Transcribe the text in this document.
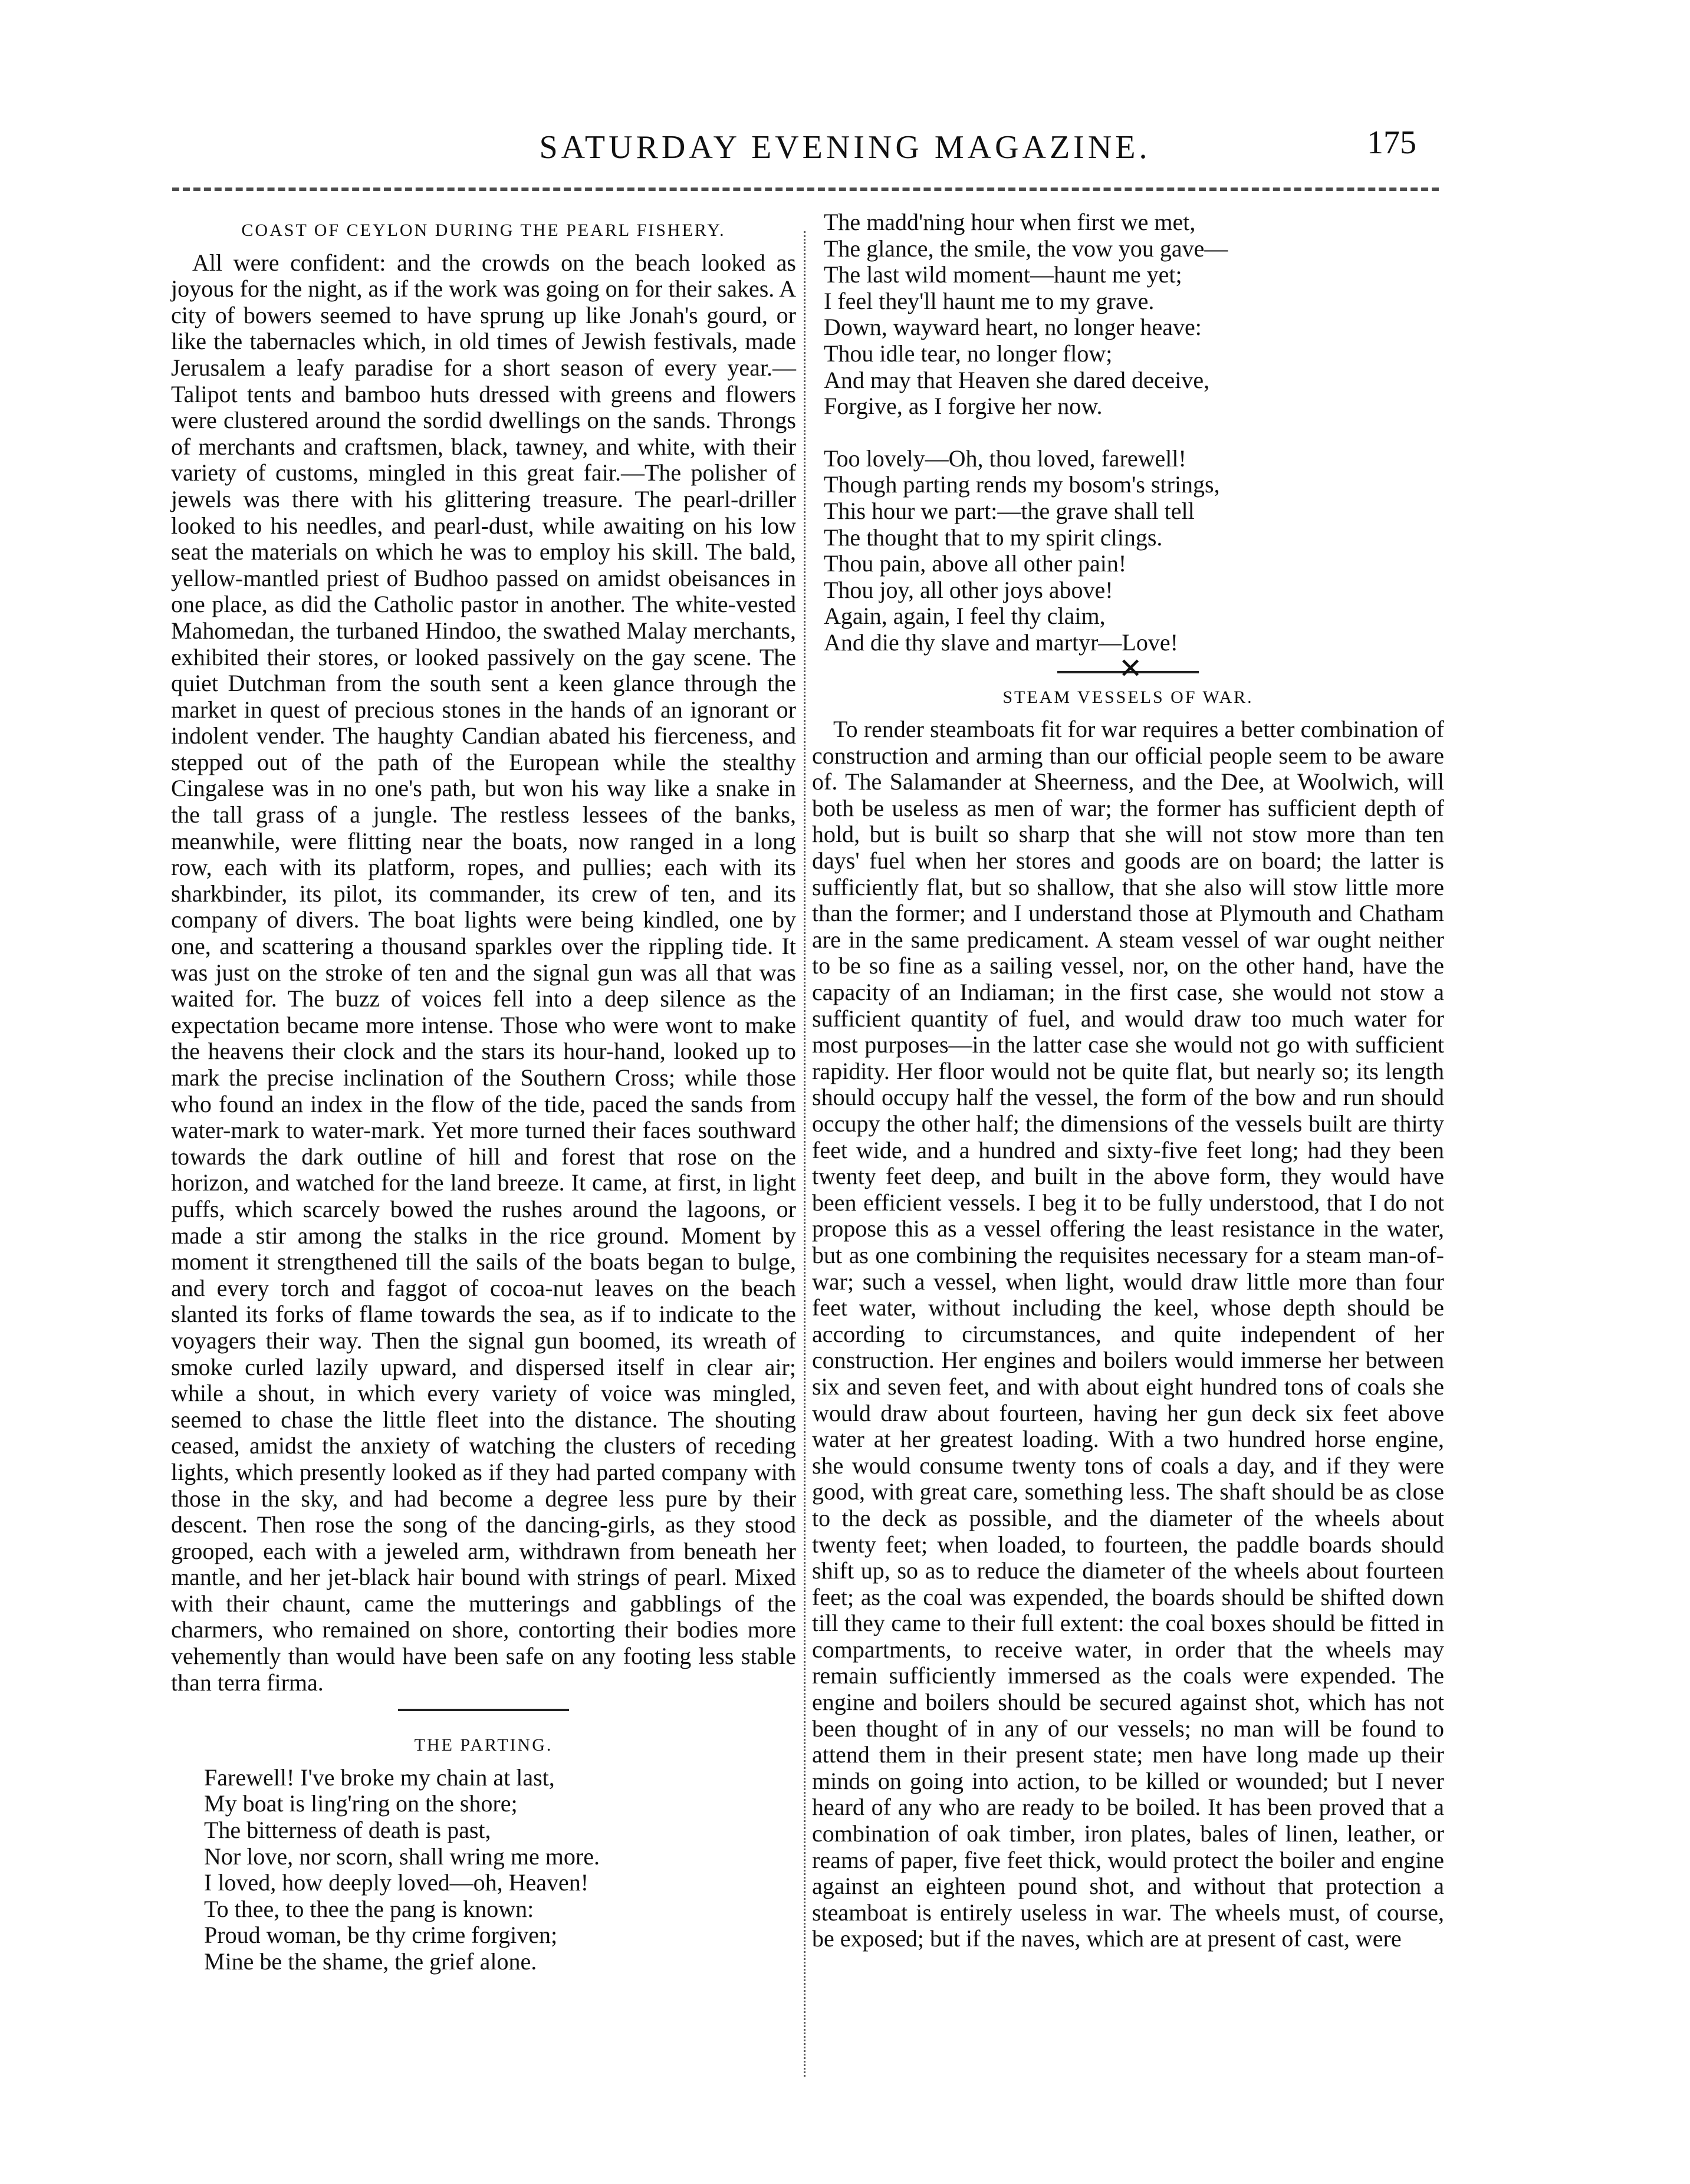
SATURDAY EVENING MAGAZINE.	175
COAST OF CEYLON DURING THE PEARL FISHERY.

All were confident: and the crowds on the beach looked as joyous for the night, as if the work was going on for their sakes. A city of bowers seemed to have sprung up like Jonah's gourd, or like the tabernacles which, in old times of Jewish festivals, made Jerusalem a leafy paradise for a short season of every year.—Talipot tents and bamboo huts dressed with greens and flowers were clustered around the sordid dwellings on the sands. Throngs of merchants and craftsmen, black, tawney, and white, with their variety of customs, mingled in this great fair.—The polisher of jewels was there with his glittering treasure. The pearl-driller looked to his needles, and pearl-dust, while awaiting on his low seat the materials on which he was to employ his skill. The bald, yellow-mantled priest of Budhoo passed on amidst obeisances in one place, as did the Catholic pastor in another. The white-vested Mahomedan, the turbaned Hindoo, the swathed Malay merchants, exhibited their stores, or looked passively on the gay scene. The quiet Dutchman from the south sent a keen glance through the market in quest of precious stones in the hands of an ignorant or indolent vender. The haughty Candian abated his fierceness, and stepped out of the path of the European while the stealthy Cingalese was in no one's path, but won his way like a snake in the tall grass of a jungle. The restless lessees of the banks, meanwhile, were flitting near the boats, now ranged in a long row, each with its platform, ropes, and pullies; each with its sharkbinder, its pilot, its commander, its crew of ten, and its company of divers. The boat lights were being kindled, one by one, and scattering a thousand sparkles over the rippling tide. It was just on the stroke of ten and the signal gun was all that was waited for. The buzz of voices fell into a deep silence as the expectation became more intense. Those who were wont to make the heavens their clock and the stars its hour-hand, looked up to mark the precise inclination of the Southern Cross; while those who found an index in the flow of the tide, paced the sands from water-mark to water-mark. Yet more turned their faces southward towards the dark outline of hill and forest that rose on the horizon, and watched for the land breeze. It came, at first, in light puffs, which scarcely bowed the rushes around the lagoons, or made a stir among the stalks in the rice ground. Moment by moment it strengthened till the sails of the boats began to bulge, and every torch and faggot of cocoa-nut leaves on the beach slanted its forks of flame towards the sea, as if to indicate to the voyagers their way. Then the signal gun boomed, its wreath of smoke curled lazily upward, and dispersed itself in clear air; while a shout, in which every variety of voice was mingled, seemed to chase the little fleet into the distance. The shouting ceased, amidst the anxiety of watching the clusters of receding lights, which presently looked as if they had parted company with those in the sky, and had become a degree less pure by their descent. Then rose the song of the dancing-girls, as they stood grooped, each with a jeweled arm, withdrawn from beneath her mantle, and her jet-black hair bound with strings of pearl. Mixed with their chaunt, came the mutterings and gabblings of the charmers, who remained on shore, contorting their bodies more vehemently than would have been safe on any footing less stable than terra firma.

THE PARTING.
Farewell! I've broke my chain at last,
My boat is ling'ring on the shore;
The bitterness of death is past,
Nor love, nor scorn, shall wring me more.
I loved, how deeply loved—oh, Heaven!
To thee, to thee the pang is known:
Proud woman, be thy crime forgiven;
Mine be the shame, the grief alone.
The madd'ning hour when first we met,
The glance, the smile, the vow you gave—
The last wild moment—haunt me yet;
I feel they'll haunt me to my grave.
Down, wayward heart, no longer heave:
Thou idle tear, no longer flow;
And may that Heaven she dared deceive,
Forgive, as I forgive her now.
Too lovely—Oh, thou loved, farewell!
Though parting rends my bosom's strings,
This hour we part:—the grave shall tell
The thought that to my spirit clings.
Thou pain, above all other pain!
Thou joy, all other joys above!
Again, again, I feel thy claim,
And die thy slave and martyr—Love!
✕
STEAM VESSELS OF WAR.

To render steamboats fit for war requires a better combination of construction and arming than our official people seem to be aware of. The Salamander at Sheerness, and the Dee, at Woolwich, will both be useless as men of war; the former has sufficient depth of hold, but is built so sharp that she will not stow more than ten days' fuel when her stores and goods are on board; the latter is sufficiently flat, but so shallow, that she also will stow little more than the former; and I understand those at Plymouth and Chatham are in the same predicament. A steam vessel of war ought neither to be so fine as a sailing vessel, nor, on the other hand, have the capacity of an Indiaman; in the first case, she would not stow a sufficient quantity of fuel, and would draw too much water for most purposes—in the latter case she would not go with sufficient rapidity. Her floor would not be quite flat, but nearly so; its length should occupy half the vessel, the form of the bow and run should occupy the other half; the dimensions of the vessels built are thirty feet wide, and a hundred and sixty-five feet long; had they been twenty feet deep, and built in the above form, they would have been efficient vessels. I beg it to be fully understood, that I do not propose this as a vessel offering the least resistance in the water, but as one combining the requisites necessary for a steam man-of-war; such a vessel, when light, would draw little more than four feet water, without including the keel, whose depth should be according to circumstances, and quite independent of her construction. Her engines and boilers would immerse her between six and seven feet, and with about eight hundred tons of coals she would draw about fourteen, having her gun deck six feet above water at her greatest loading. With a two hundred horse engine, she would consume twenty tons of coals a day, and if they were good, with great care, something less. The shaft should be as close to the deck as possible, and the diameter of the wheels about twenty feet; when loaded, to fourteen, the paddle boards should shift up, so as to reduce the diameter of the wheels about fourteen feet; as the coal was expended, the boards should be shifted down till they came to their full extent: the coal boxes should be fitted in compartments, to receive water, in order that the wheels may remain sufficiently immersed as the coals were expended. The engine and boilers should be secured against shot, which has not been thought of in any of our vessels; no man will be found to attend them in their present state; men have long made up their minds on going into action, to be killed or wounded; but I never heard of any who are ready to be boiled. It has been proved that a combination of oak timber, iron plates, bales of linen, leather, or reams of paper, five feet thick, would protect the boiler and engine against an eighteen pound shot, and without that protection a steamboat is entirely useless in war. The wheels must, of course, be exposed; but if the naves, which are at present of cast, were
